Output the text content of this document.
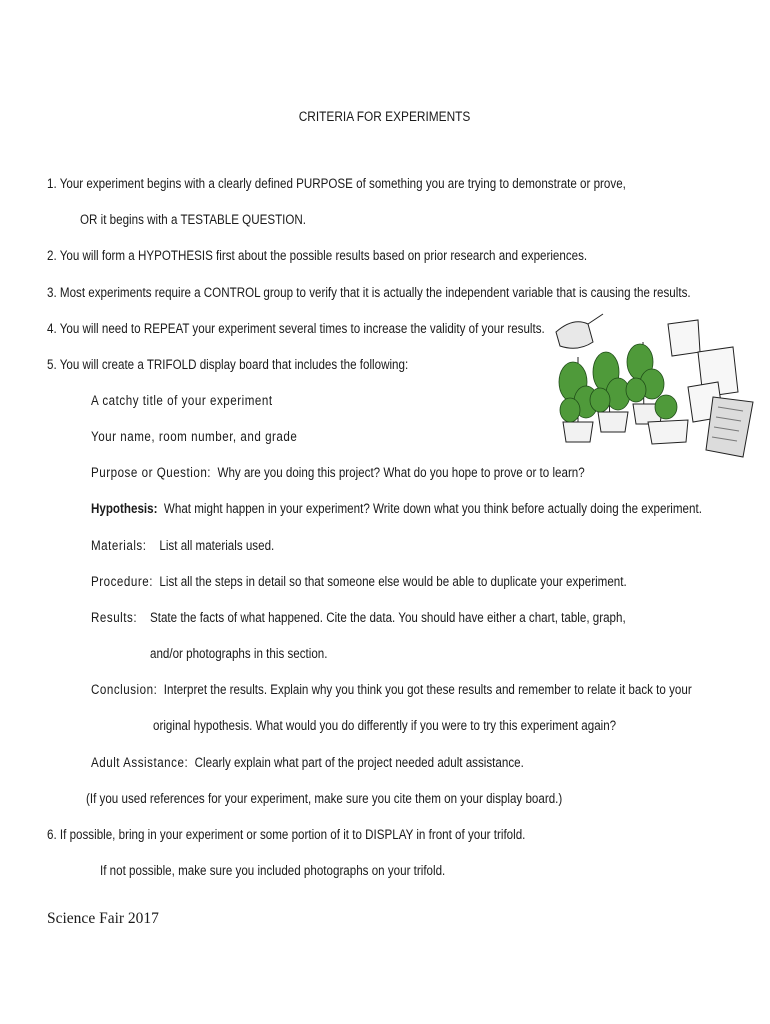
CRITERIA FOR EXPERIMENTS
1. Your experiment begins with a clearly defined PURPOSE of something you are trying to demonstrate or prove,
OR it begins with a TESTABLE QUESTION.
2. You will form a HYPOTHESIS first about the possible results based on prior research and experiences.
3. Most experiments require a CONTROL group to verify that it is actually the independent variable that is causing the results.
4. You will need to REPEAT your experiment several times to increase the validity of your results.
5. You will create a TRIFOLD display board that includes the following:
A catchy title of your experiment
Your name, room number, and grade
Purpose or Question: Why are you doing this project? What do you hope to prove or to learn?
Hypothesis: What might happen in your experiment? Write down what you think before actually doing the experiment.
Materials: List all materials used.
Procedure: List all the steps in detail so that someone else would be able to duplicate your experiment.
Results: State the facts of what happened. Cite the data. You should have either a chart, table, graph,
and/or photographs in this section.
Conclusion: Interpret the results. Explain why you think you got these results and remember to relate it back to your
original hypothesis. What would you do differently if you were to try this experiment again?
Adult Assistance: Clearly explain what part of the project needed adult assistance.
(If you used references for your experiment, make sure you cite them on your display board.)
6. If possible, bring in your experiment or some portion of it to DISPLAY in front of your trifold.
If not possible, make sure you included photographs on your trifold.
Science Fair 2017
